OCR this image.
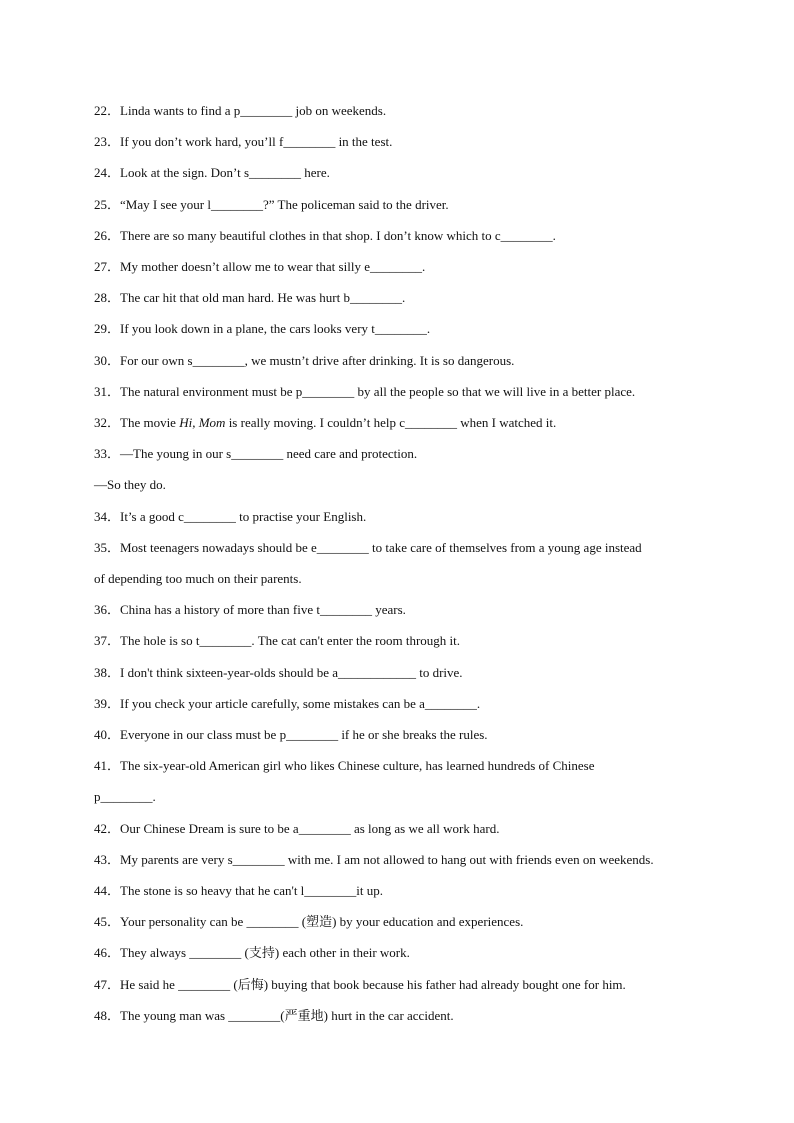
22．Linda wants to find a p________ job on weekends.
23．If you don’t work hard, you’ll f________ in the test.
24．Look at the sign. Don’t s________ here.
25．“May I see your l________?” The policeman said to the driver.
26．There are so many beautiful clothes in that shop. I don’t know which to c________.
27．My mother doesn’t allow me to wear that silly e________.
28．The car hit that old man hard. He was hurt b________.
29．If you look down in a plane, the cars looks very t________.
30．For our own s________, we mustn’t drive after drinking. It is so dangerous.
31．The natural environment must be p________ by all the people so that we will live in a better place.
32．The movie Hi, Mom is really moving. I couldn’t help c________ when I watched it.
33．—The young in our s________ need care and protection.
—So they do.
34．It’s a good c________ to practise your English.
35．Most teenagers nowadays should be e________ to take care of themselves from a young age instead
of depending too much on their parents.
36．China has a history of more than five t________ years.
37．The hole is so t________. The cat can't enter the room through it.
38．I don't think sixteen-year-olds should be a____________ to drive.
39．If you check your article carefully, some mistakes can be a________.
40．Everyone in our class must be p________ if he or she breaks the rules.
41．The six-year-old American girl who likes Chinese culture, has learned hundreds of Chinese
p________.
42．Our Chinese Dream is sure to be a________ as long as we all work hard.
43．My parents are very s________ with me. I am not allowed to hang out with friends even on weekends.
44．The stone is so heavy that he can't l________it up.
45．Your personality can be ________ (塑造) by your education and experiences.
46．They always ________ (支持) each other in their work.
47．He said he ________ (后悔) buying that book because his father had already bought one for him.
48．The young man was ________(严重地) hurt in the car accident.
